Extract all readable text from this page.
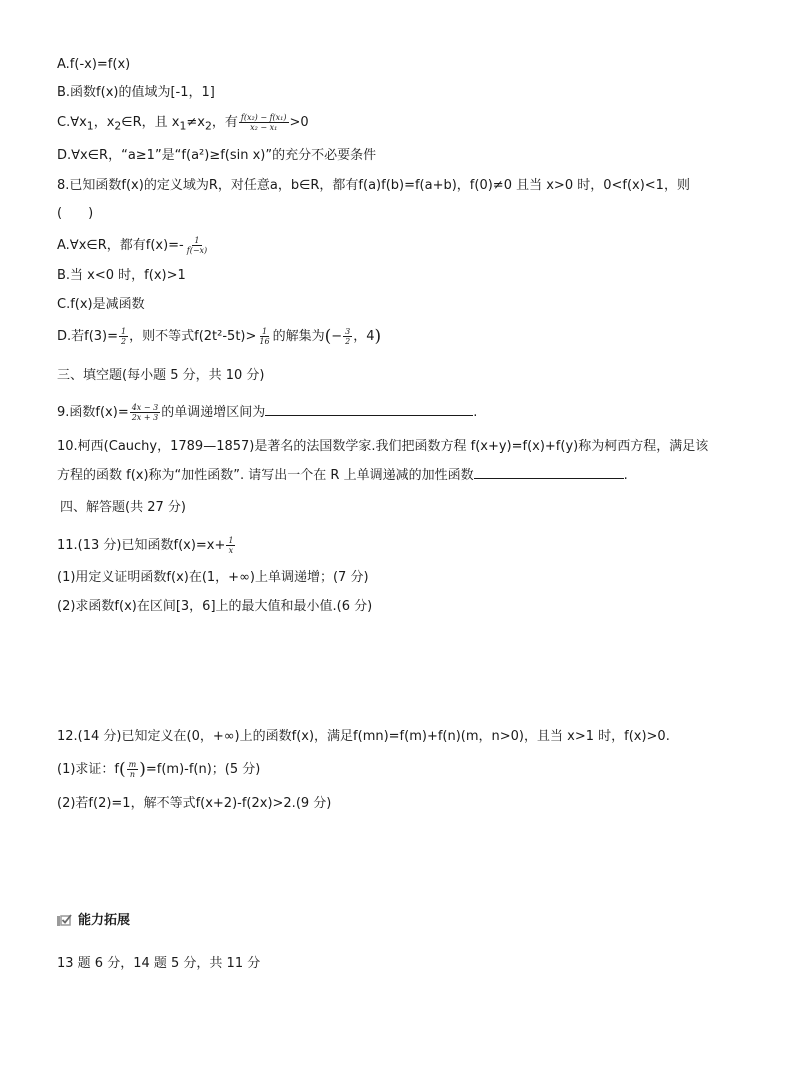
A.f(-x)=f(x)
B.函数f(x)的值域为[-1，1]
$C.\forall x_1$，$x_2\in R$，且 $x_1\ne x_2$，有 $\frac{\text{f(x₂) − f(x₁)}}{\text{x₂ − x₁}} >0$
D.∀x∈R，“a≥1”是“f(a²)≥f(sin x)”的充分不必要条件
8.已知函数f(x)的定义域为R，对任意a，b∈R，都有f(a)f(b)=f(a+b)，f(0)≠0 且当 x>0 时，0<f(x)<1，则
(　　)
A.∀x∈R，都有$f(x)=- \frac{1}{f(-x)}$
B.当 x<0 时，f(x)>1
C.f(x)是减函数
D.若$f(3)= \frac{1}{2}$ ，则不等式$f(2t^2-5t)> \frac{1}{16}$ 的解集为(− $\frac{3}{2}$ ，4)
三、填空题(每小题 5 分，共 10 分)
9.函数$f(x)= \frac{4x - 3}{2x + 3}$ 的单调递增区间为	.
10.柯西(Cauchy，1789—1857)是著名的法国数学家.我们把函数方程 f(x+y)=f(x)+f(y)称为柯西方程，满足该
方程的函数 f(x)称为“加性函数”. 请写出一个在 R 上单调递减的加性函数	.
四、解答题(共 27 分)
11.(13 分)已知函数$f(x)=x+ \frac{1}{x}$
(1)用定义证明函数f(x)在(1，+∞)上单调递增；(7 分)
(2)求函数f(x)在区间[3，6]上的最大值和最小值.(6 分)
12.(14 分)已知定义在(0，+∞)上的函数f(x)，满足f(mn)=f(m)+f(n)(m，n>0)，且当 x>1 时，f(x)>0.
(1)求证：$f( \frac{m}{n} )=f(m)-f(n)$；(5 分)
(2)若f(2)=1，解不等式f(x+2)-f(2x)>2.(9 分)
能力拓展
13 题 6 分，14 题 5 分，共 11 分
